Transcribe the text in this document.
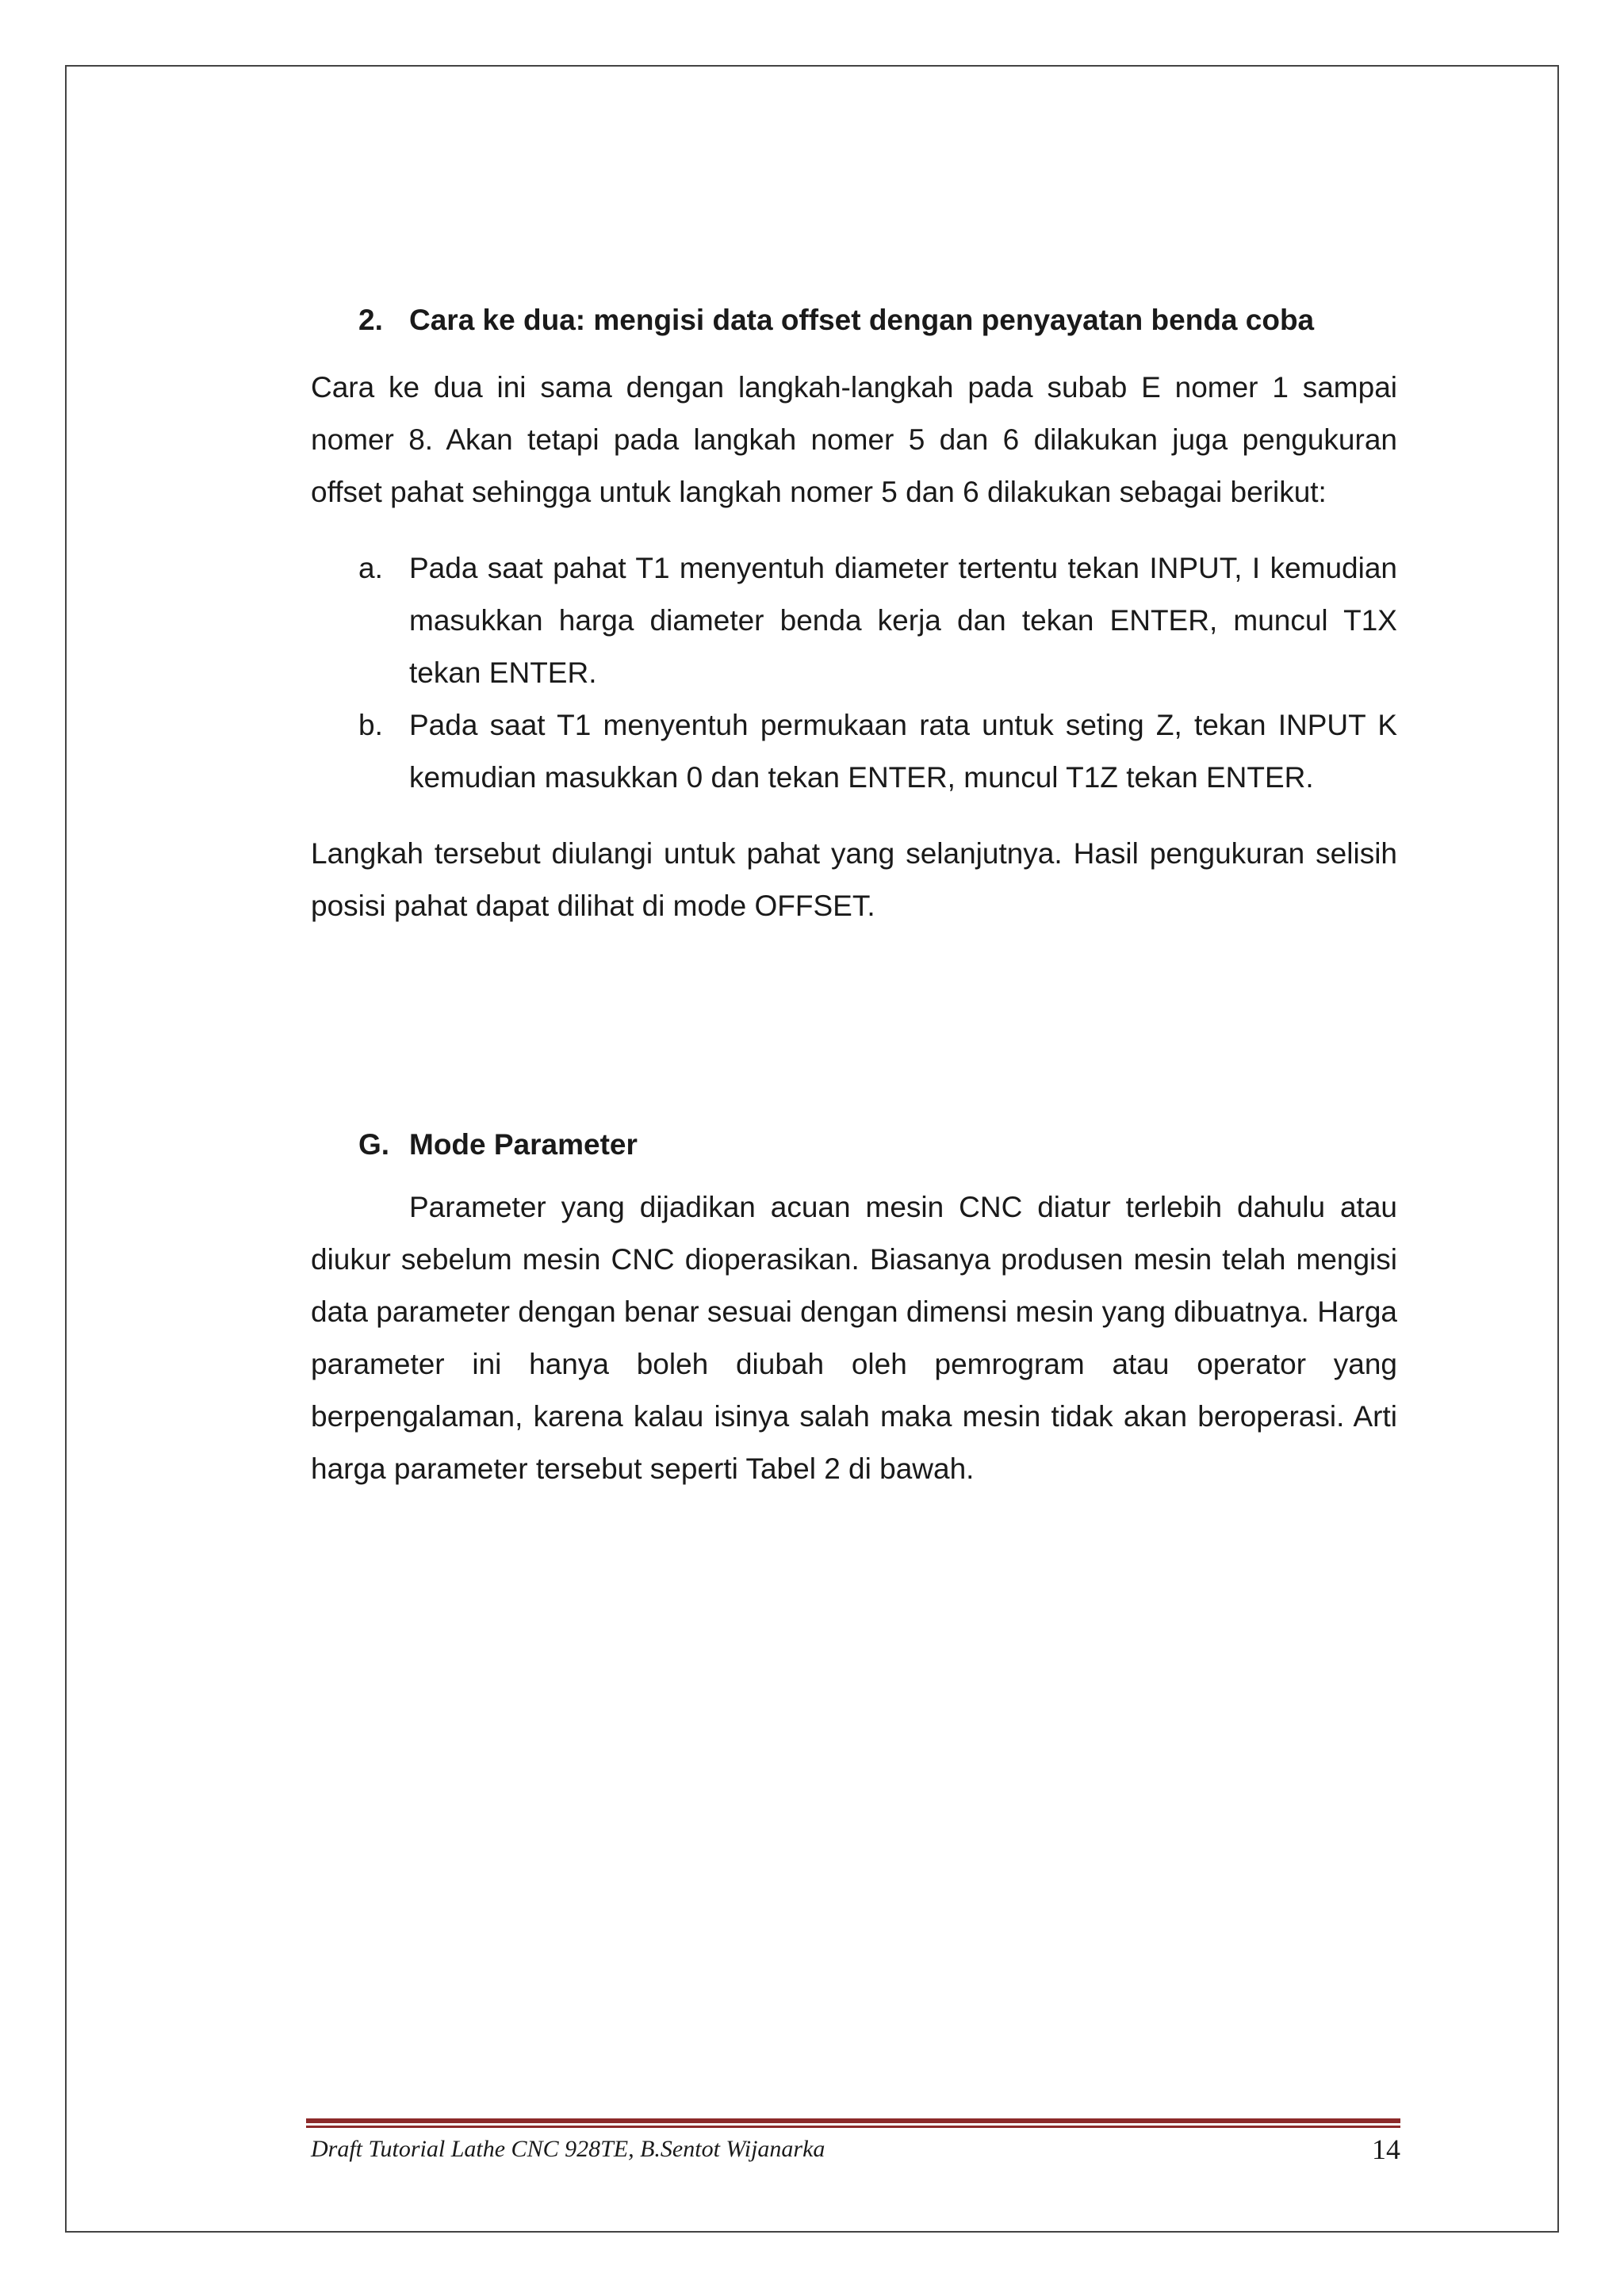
2. Cara ke dua: mengisi data offset dengan penyayatan benda coba

Cara ke dua ini sama dengan langkah-langkah pada subab E nomer 1 sampai nomer 8. Akan tetapi pada langkah nomer 5 dan 6 dilakukan juga pengukuran offset pahat sehingga untuk langkah nomer 5 dan 6 dilakukan sebagai berikut:

a. Pada saat pahat T1 menyentuh diameter tertentu tekan INPUT, I kemudian masukkan harga diameter benda kerja dan tekan ENTER, muncul T1X tekan ENTER.
b. Pada saat T1 menyentuh permukaan rata untuk seting Z, tekan INPUT K kemudian masukkan 0 dan tekan ENTER, muncul T1Z tekan ENTER.

Langkah tersebut diulangi untuk pahat yang selanjutnya. Hasil pengukuran selisih posisi pahat dapat dilihat di mode OFFSET.

G. Mode Parameter

Parameter yang dijadikan acuan mesin CNC diatur terlebih dahulu atau diukur sebelum mesin CNC dioperasikan. Biasanya produsen mesin telah mengisi data parameter dengan benar sesuai dengan dimensi mesin yang dibuatnya. Harga parameter ini hanya boleh diubah oleh pemrogram atau operator yang berpengalaman, karena kalau isinya salah maka mesin tidak akan beroperasi. Arti harga parameter tersebut seperti Tabel 2 di bawah.

Draft Tutorial Lathe CNC 928TE, B.Sentot Wijanarka	14
